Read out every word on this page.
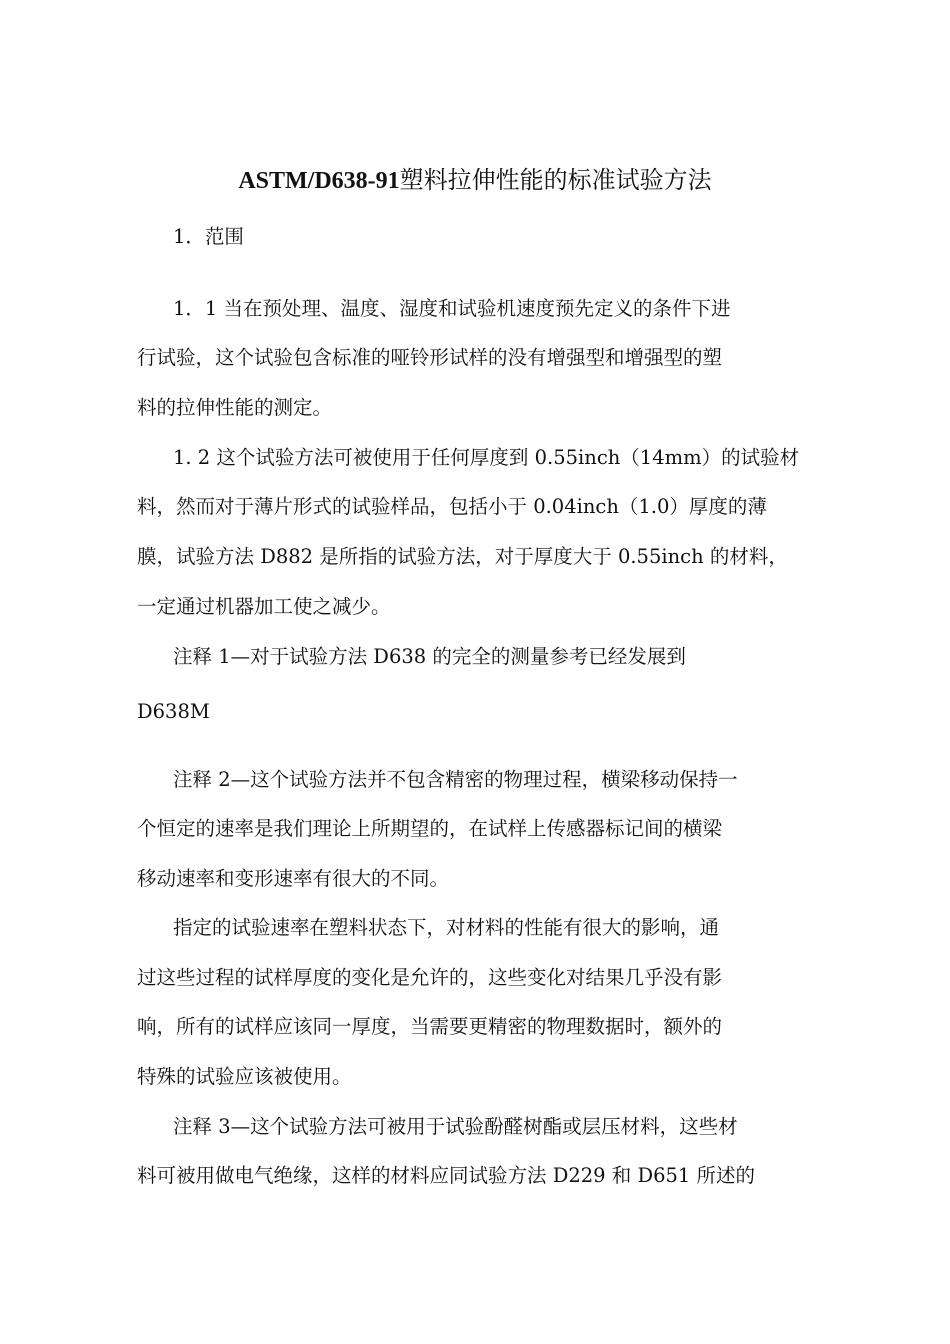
ASTM/D638-91塑料拉伸性能的标准试验方法
1．范围
1．1 当在预处理、温度、湿度和试验机速度预先定义的条件下进
行试验，这个试验包含标准的哑铃形试样的没有增强型和增强型的塑
料的拉伸性能的测定。
1. 2 这个试验方法可被使用于任何厚度到 0.55inch（14mm）的试验材
料，然而对于薄片形式的试验样品，包括小于 0.04inch（1.0）厚度的薄
膜，试验方法 D882 是所指的试验方法，对于厚度大于 0.55inch 的材料，
一定通过机器加工使之减少。
注释 1—对于试验方法 D638 的完全的测量参考已经发展到
D638M
注释 2—这个试验方法并不包含精密的物理过程，横梁移动保持一
个恒定的速率是我们理论上所期望的，在试样上传感器标记间的横梁
移动速率和变形速率有很大的不同。
指定的试验速率在塑料状态下，对材料的性能有很大的影响，通
过这些过程的试样厚度的变化是允许的，这些变化对结果几乎没有影
响，所有的试样应该同一厚度，当需要更精密的物理数据时，额外的
特殊的试验应该被使用。
注释 3—这个试验方法可被用于试验酚醛树酯或层压材料，这些材
料可被用做电气绝缘，这样的材料应同试验方法 D229 和 D651 所述的
